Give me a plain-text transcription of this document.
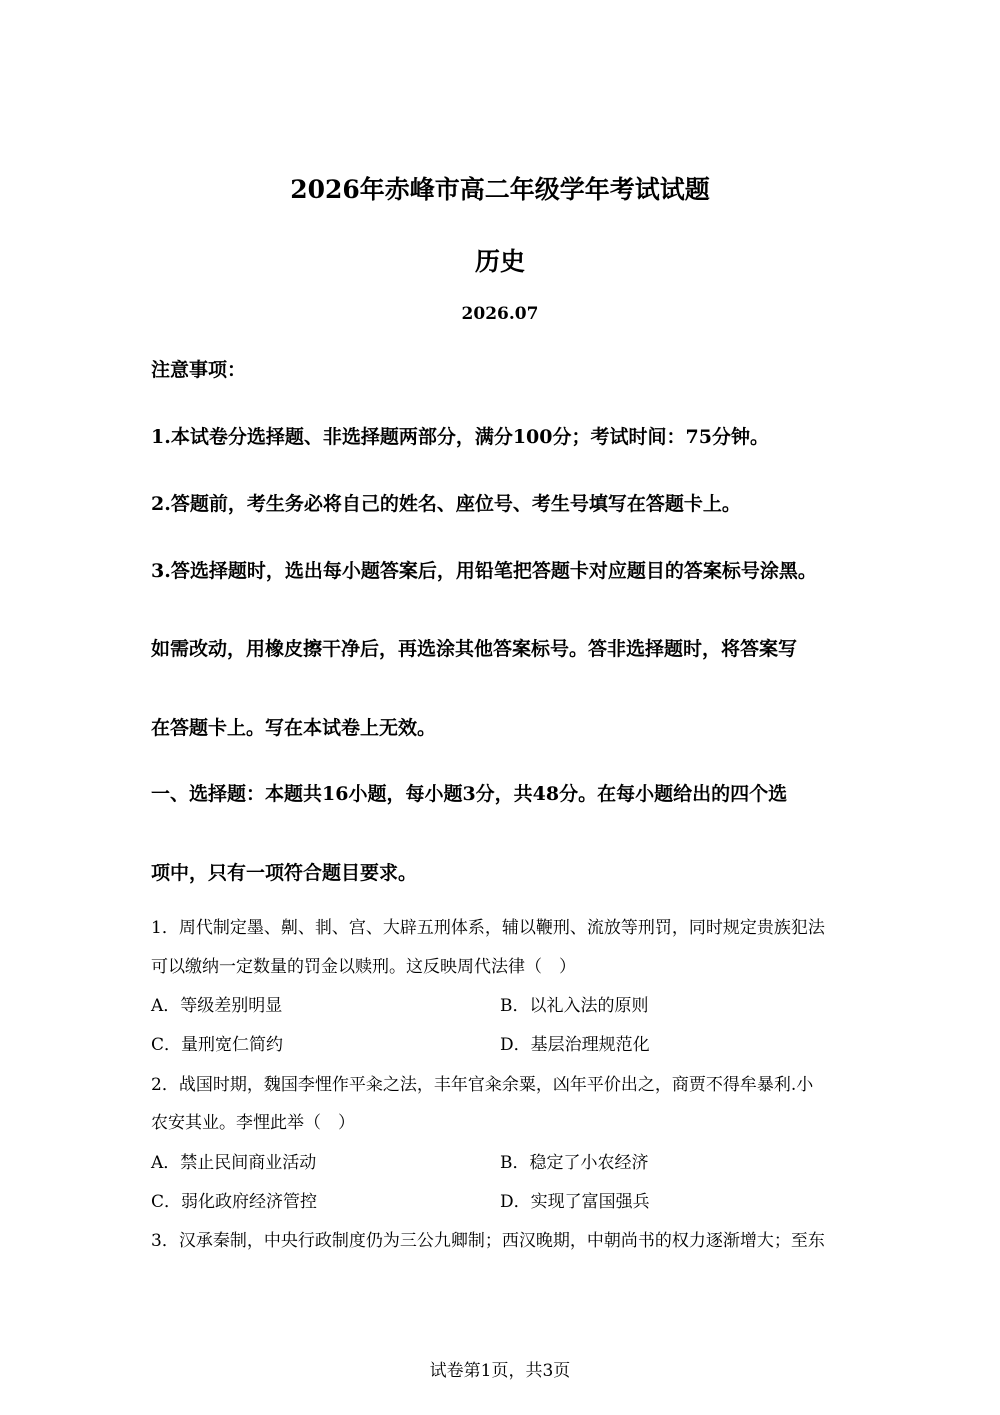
2026年赤峰市高二年级学年考试试题
历史
2026.07
注意事项：
1.本试卷分选择题、非选择题两部分，满分100分；考试时间：75分钟。
2.答题前，考生务必将自己的姓名、座位号、考生号填写在答题卡上。
3.答选择题时，选出每小题答案后，用铅笔把答题卡对应题目的答案标号涂黑。
如需改动，用橡皮擦干净后，再选涂其他答案标号。答非选择题时，将答案写
在答题卡上。写在本试卷上无效。
一、选择题：本题共16小题，每小题3分，共48分。在每小题给出的四个选
项中，只有一项符合题目要求。
1．周代制定墨、劓、剕、宫、大辟五刑体系，辅以鞭刑、流放等刑罚，同时规定贵族犯法
可以缴纳一定数量的罚金以赎刑。这反映周代法律（　）
A．等级差别明显	B．以礼入法的原则
C．量刑宽仁简约	D．基层治理规范化
2．战国时期，魏国李悝作平籴之法，丰年官籴余粟，凶年平价出之，商贾不得牟暴利.小
农安其业。李悝此举（　）
A．禁止民间商业活动	B．稳定了小农经济
C．弱化政府经济管控	D．实现了富国强兵
3．汉承秦制，中央行政制度仍为三公九卿制；西汉晚期，中朝尚书的权力逐渐增大；至东
试卷第1页，共3页
